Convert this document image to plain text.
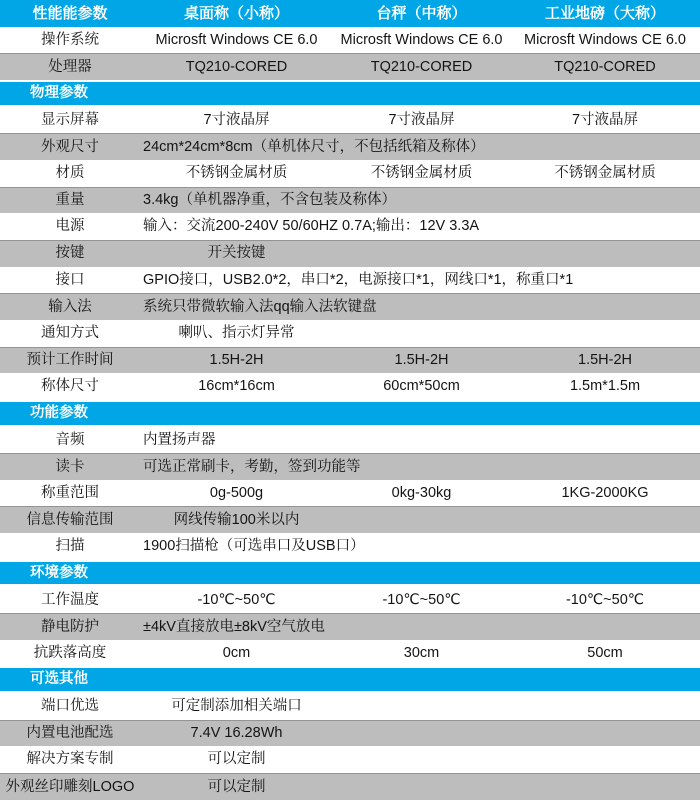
性能能参数	桌面称（小称）	台秤（中称）	工业地磅（大称）
操作系统	Microsft Windows CE 6.0	Microsft Windows CE 6.0	Microsft Windows CE 6.0
处理器	TQ210-CORED	TQ210-CORED	TQ210-CORED
物理参数
显示屏幕	7寸液晶屏	7寸液晶屏	7寸液晶屏
外观尺寸	24cm*24cm*8cm（单机体尺寸，不包括纸箱及称体）
材质	不锈钢金属材质	不锈钢金属材质	不锈钢金属材质
重量	3.4kg（单机器净重，不含包装及称体）
电源	输入：交流200-240V 50/60HZ 0.7A;输出：12V 3.3A
按键	开关按键
接口	GPIO接口，USB2.0*2，串口*2，电源接口*1，网线口*1，称重口*1
输入法	系统只带微软输入法qq输入法软键盘
通知方式	喇叭、指示灯异常
预计工作时间	1.5H-2H	1.5H-2H	1.5H-2H
称体尺寸	16cm*16cm	60cm*50cm	1.5m*1.5m
功能参数
音频	内置扬声器
读卡	可选正常刷卡，考勤，签到功能等
称重范围	0g-500g	0kg-30kg	1KG-2000KG
信息传输范围	网线传输100米以内
扫描	1900扫描枪（可选串口及USB口）
环境参数
工作温度	-10℃~50℃	-10℃~50℃	-10℃~50℃
静电防护	±4kV直接放电±8kV空气放电
抗跌落高度	0cm	30cm	50cm
可选其他
端口优选	可定制添加相关端口
内置电池配选	7.4V 16.28Wh
解决方案专制	可以定制
外观丝印雕刻LOGO	可以定制
